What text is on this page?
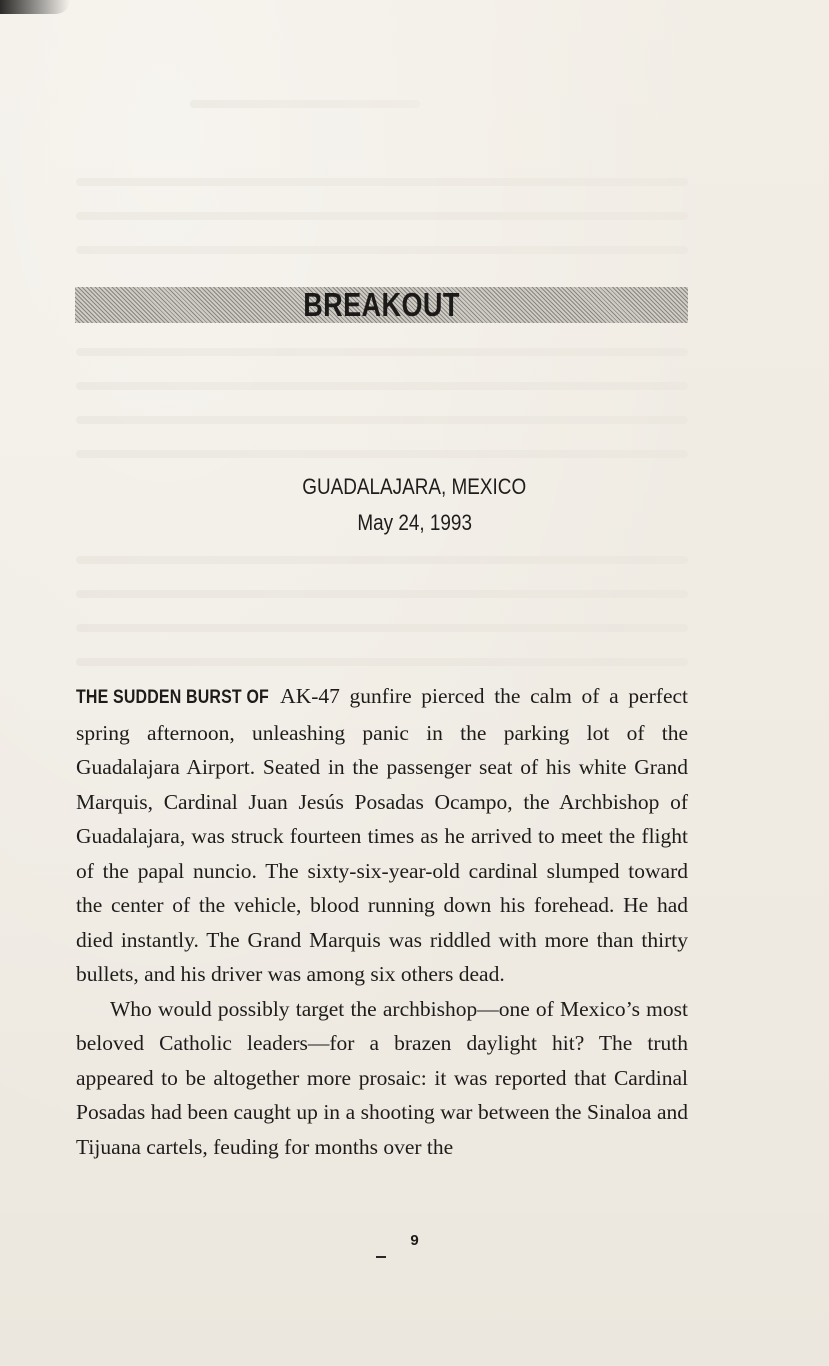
BREAKOUT
GUADALAJARA, MEXICO
May 24, 1993

THE SUDDEN BURST OF AK-47 gunfire pierced the calm of a perfect spring afternoon, unleashing panic in the parking lot of the Guadalajara Airport. Seated in the passenger seat of his white Grand Marquis, Cardinal Juan Jesús Posadas Ocampo, the Archbishop of Guadalajara, was struck fourteen times as he arrived to meet the flight of the papal nuncio. The sixty-six-year-old cardinal slumped toward the center of the vehicle, blood running down his forehead. He had died instantly. The Grand Marquis was riddled with more than thirty bullets, and his driver was among six others dead.

Who would possibly target the archbishop—one of Mexico’s most beloved Catholic leaders—for a brazen daylight hit? The truth appeared to be altogether more prosaic: it was reported that Cardinal Posadas had been caught up in a shooting war between the Sinaloa and Tijuana cartels, feuding for months over the

9
